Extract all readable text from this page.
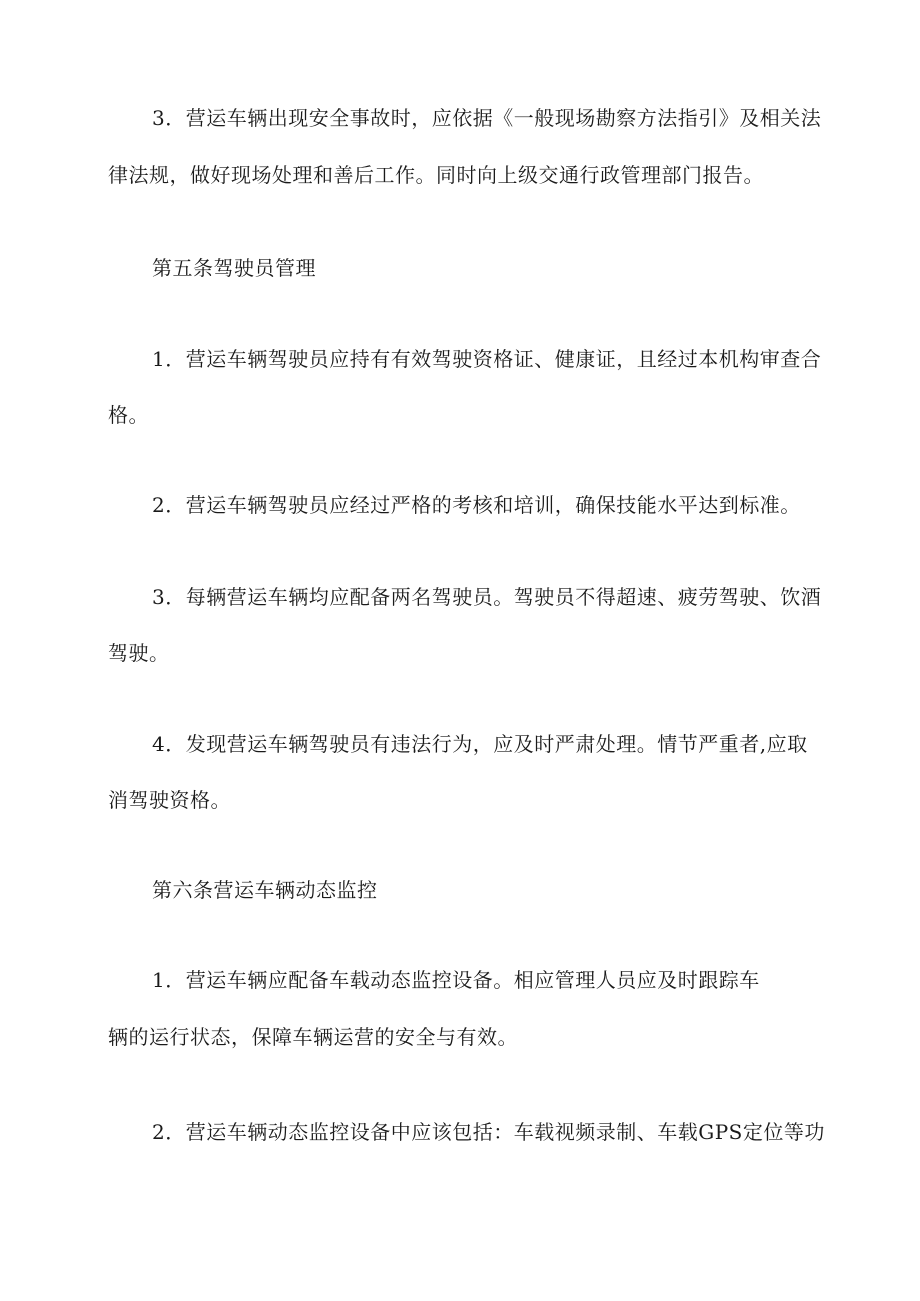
3．营运车辆出现安全事故时，应依据《一般现场勘察方法指引》及相关法
律法规，做好现场处理和善后工作。同时向上级交通行政管理部门报告。
第五条驾驶员管理
1．营运车辆驾驶员应持有有效驾驶资格证、健康证，且经过本机构审查合
格。
2．营运车辆驾驶员应经过严格的考核和培训，确保技能水平达到标准。
3．每辆营运车辆均应配备两名驾驶员。驾驶员不得超速、疲劳驾驶、饮酒
驾驶。
4．发现营运车辆驾驶员有违法行为，应及时严肃处理。情节严重者,应取
消驾驶资格。
第六条营运车辆动态监控
1．营运车辆应配备车载动态监控设备。相应管理人员应及时跟踪车
辆的运行状态，保障车辆运营的安全与有效。
2．营运车辆动态监控设备中应该包括：车载视频录制、车载GPS定位等功
